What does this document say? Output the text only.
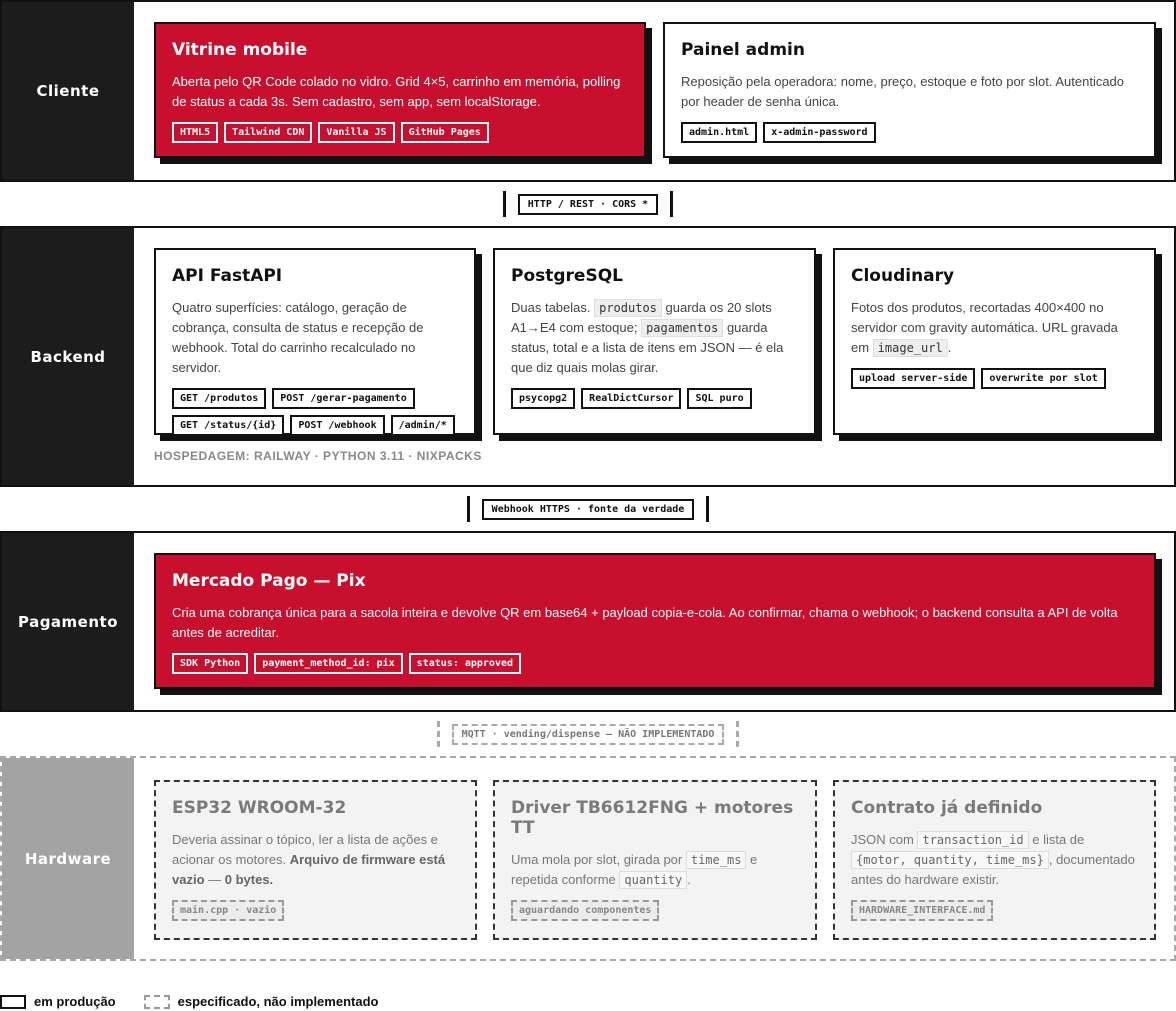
Cliente
Vitrine mobile
Aberta pelo QR Code colado no vidro. Grid 4×5, carrinho em memória, polling de status a cada 3s. Sem cadastro, sem app, sem localStorage.
HTML5	Tailwind CDN	Vanilla JS	GitHub Pages
Painel admin
Reposição pela operadora: nome, preço, estoque e foto por slot. Autenticado por header de senha única.
admin.html	x-admin-password
HTTP / REST · CORS *
Backend
API FastAPI
Quatro superfícies: catálogo, geração de cobrança, consulta de status e recepção de webhook. Total do carrinho recalculado no servidor.
GET /produtos	POST /gerar-pagamento
GET /status/{id}	POST /webhook	/admin/*
PostgreSQL
Duas tabelas. produtos guarda os 20 slots A1→E4 com estoque; pagamentos guarda status, total e a lista de itens em JSON — é ela que diz quais molas girar.
psycopg2	RealDictCursor	SQL puro
Cloudinary
Fotos dos produtos, recortadas 400×400 no servidor com gravity automática. URL gravada em image_url .
upload server-side	overwrite por slot
HOSPEDAGEM: RAILWAY · PYTHON 3.11 · NIXPACKS
Webhook HTTPS · fonte da verdade
Pagamento
Mercado Pago — Pix
Cria uma cobrança única para a sacola inteira e devolve QR em base64 + payload copia-e-cola. Ao confirmar, chama o webhook; o backend consulta a API de volta antes de acreditar.
SDK Python	payment_method_id: pix	status: approved
MQTT · vending/dispense — NÃO IMPLEMENTADO
Hardware
ESP32 WROOM-32
Deveria assinar o tópico, ler a lista de ações e acionar os motores. Arquivo de firmware está vazio — 0 bytes.
main.cpp · vazio
Driver TB6612FNG + motores TT
Uma mola por slot, girada por time_ms e repetida conforme quantity .
aguardando componentes
Contrato já definido
JSON com transaction_id e lista de {motor, quantity, time_ms} , documentado antes do hardware existir.
HARDWARE_INTERFACE.md
em produção	especificado, não implementado
